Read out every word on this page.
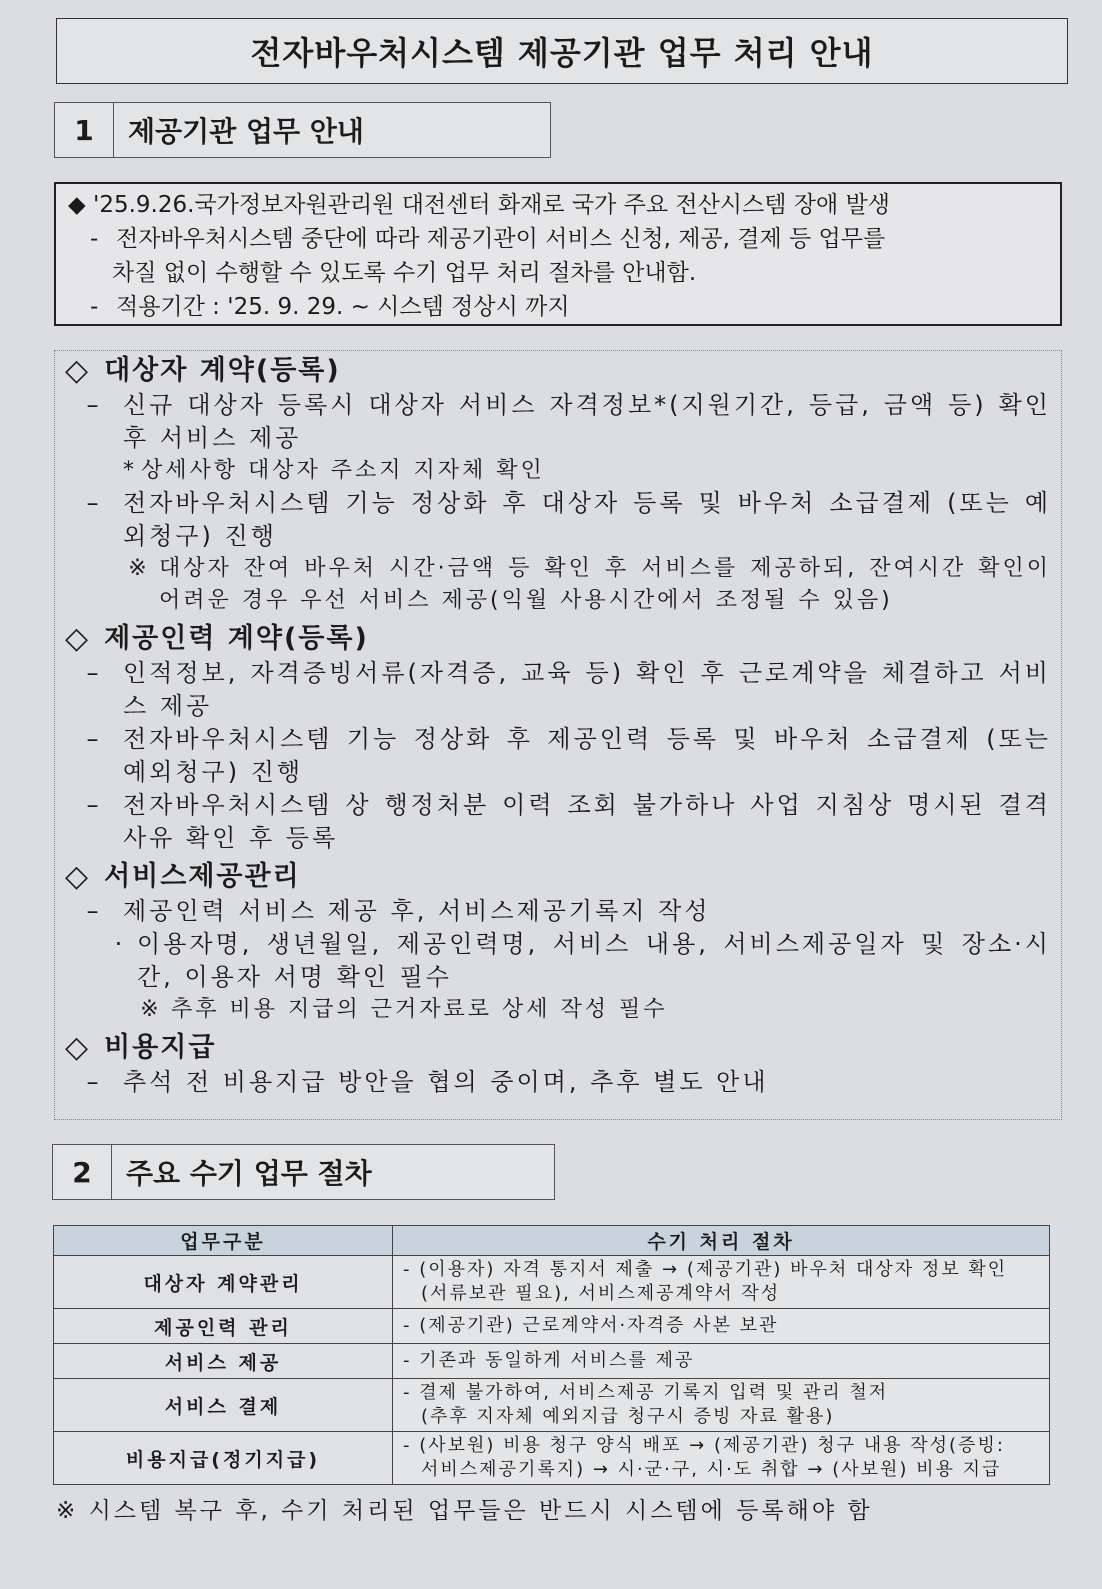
전자바우처시스템 제공기관 업무 처리 안내
1	제공기관 업무 안내
◆ '25.9.26.국가정보자원관리원 대전센터 화재로 국가 주요 전산시스템 장애 발생
- 전자바우처시스템 중단에 따라 제공기관이 서비스 신청, 제공, 결제 등 업무를
차질 없이 수행할 수 있도록 수기 업무 처리 절차를 안내함.
- 적용기간 : '25. 9. 29. ~ 시스템 정상시 까지
◇ 대상자 계약(등록)
– 신규 대상자 등록시 대상자 서비스 자격정보*(지원기간, 등급, 금액 등) 확인 후 서비스 제공
* 상세사항 대상자 주소지 지자체 확인
– 전자바우처시스템 기능 정상화 후 대상자 등록 및 바우처 소급결제 (또는 예외청구) 진행
※ 대상자 잔여 바우처 시간·금액 등 확인 후 서비스를 제공하되, 잔여시간 확인이 어려운 경우 우선 서비스 제공(익월 사용시간에서 조정될 수 있음)
◇ 제공인력 계약(등록)
– 인적정보, 자격증빙서류(자격증, 교육 등) 확인 후 근로계약을 체결하고 서비스 제공
– 전자바우처시스템 기능 정상화 후 제공인력 등록 및 바우처 소급결제 (또는 예외청구) 진행
– 전자바우처시스템 상 행정처분 이력 조회 불가하나 사업 지침상 명시된 결격사유 확인 후 등록
◇ 서비스제공관리
– 제공인력 서비스 제공 후, 서비스제공기록지 작성
· 이용자명, 생년월일, 제공인력명, 서비스 내용, 서비스제공일자 및 장소·시간, 이용자 서명 확인 필수
※ 추후 비용 지급의 근거자료로 상세 작성 필수
◇ 비용지급
– 추석 전 비용지급 방안을 협의 중이며, 추후 별도 안내
2	주요 수기 업무 절차
업무구분	수기 처리 절차
대상자 계약관리	- (이용자) 자격 통지서 제출 → (제공기관) 바우처 대상자 정보 확인
(서류보관 필요), 서비스제공계약서 작성

제공인력 관리	- (제공기관) 근로계약서·자격증 사본 보관

서비스 제공	- 기존과 동일하게 서비스를 제공

서비스 결제	- 결제 불가하여, 서비스제공 기록지 입력 및 관리 철저
(추후 지자체 예외지급 청구시 증빙 자료 활용)

비용지급(정기지급)	- (사보원) 비용 청구 양식 배포 → (제공기관) 청구 내용 작성(증빙:
서비스제공기록지) → 시·군·구, 시·도 취합 → (사보원) 비용 지급
※ 시스템 복구 후, 수기 처리된 업무들은 반드시 시스템에 등록해야 함
